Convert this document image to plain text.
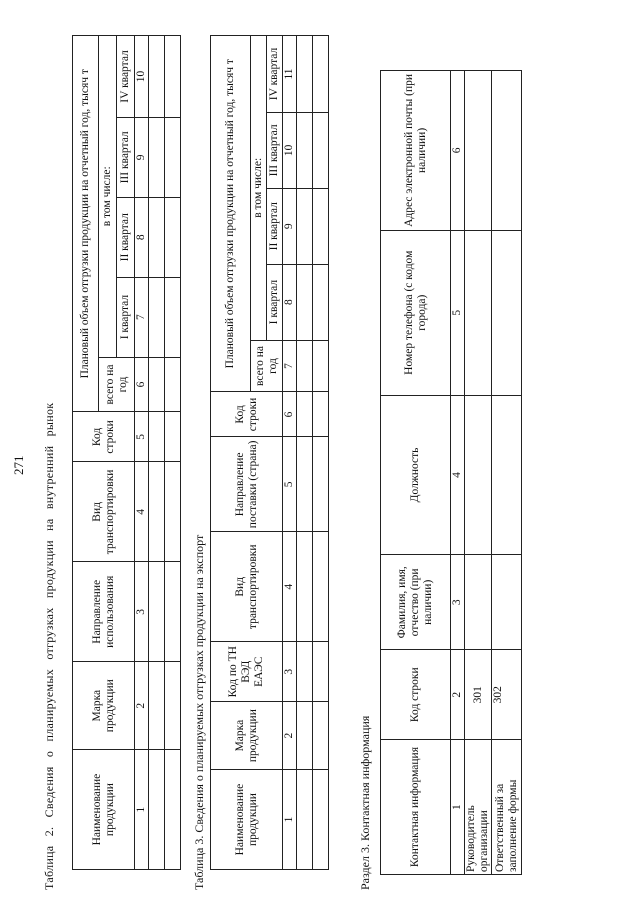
271 Таблица 2. Сведения о планируемых отгрузках продукции на внутренний рынок	Наименование продукции	Марка продукции	Направление использования	Вид транспортировки	Код строки	Плановый объем отгрузки продукции на отчетный год, тысяч т				
					всего на год	в том числе:			
						I квартал	II квартал	III квартал	IV квартал
1	2	3	4	5	6	7	8	9	10

Таблица 3. Сведения о планируемых отгрузках продукции на экспорт Наименование продукции	Марка продукции	Код по ТН ВЭД ЕАЭС	Вид транспортировки	Направление поставки (страна)	Код строки	Плановый объем отгрузки продукции на отчетный год, тысяч т				
						всего на год	в том числе:			
							I квартал	II квартал	III квартал	IV квартал
1	2	3	4	5	6	7	8	9	10	11

Раздел 3. Контактная информация	Контактная информация	Код строки	Фамилия, имя, отчество (при наличии)	Должность	Номер телефона (с кодом города)	Адрес электронной почты (при наличии)
1	2	3	4	5	6
Руководитель организации	301				
Ответственный за заполнение формы	302				
